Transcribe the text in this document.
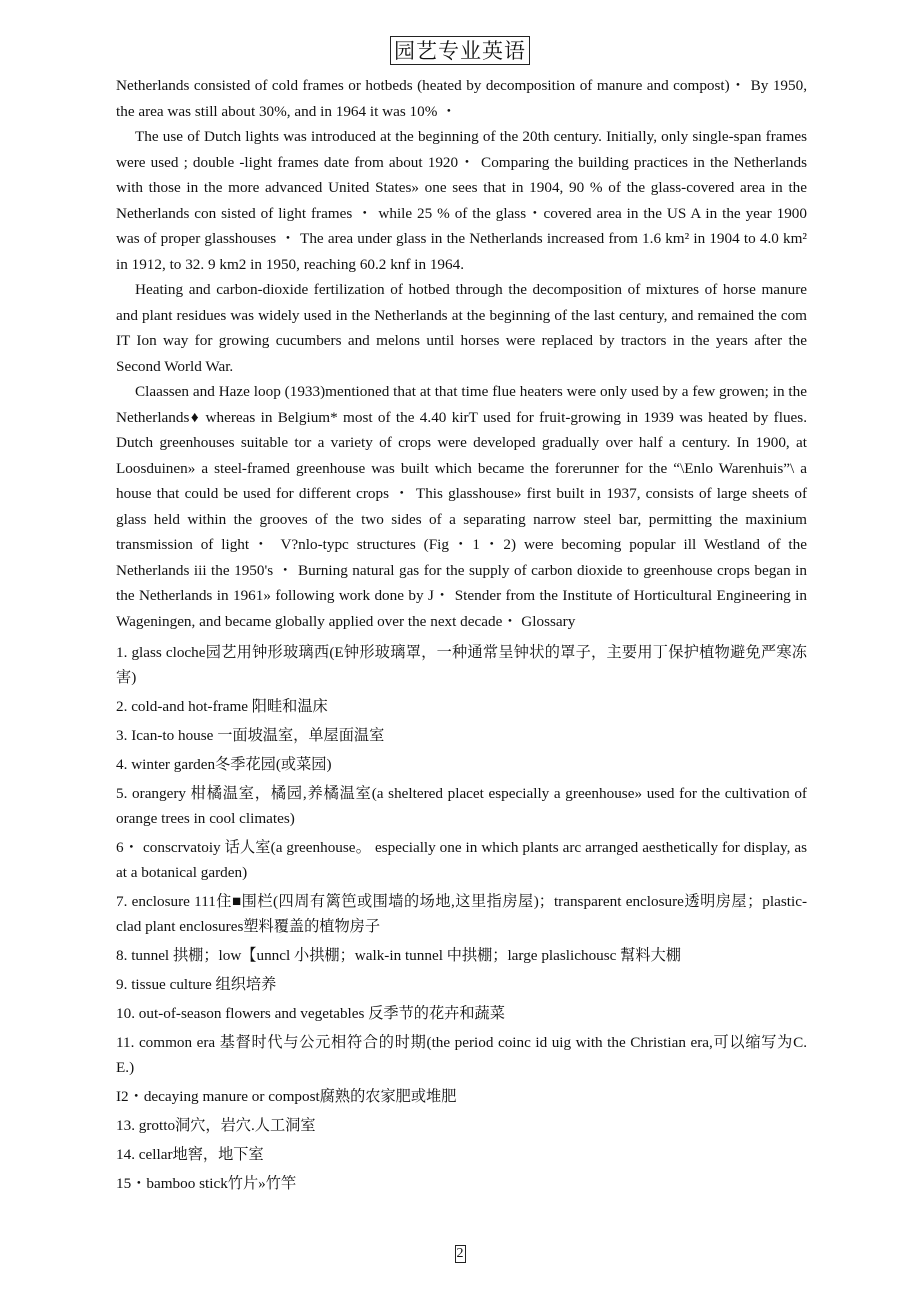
园艺专业英语

Netherlands consisted of cold frames or hotbeds (heated by decomposition of manure and compost)・ By 1950, the area was still about 30%, and in 1964 it was 10% ・

The use of Dutch lights was introduced at the beginning of the 20th century. Initially, only single-span frames were used ; double -light frames date from about 1920・ Comparing the building practices in the Netherlands with those in the more advanced United States» one sees that in 1904, 90 % of the glass-covered area in the Netherlands con sisted of light frames ・ while 25 % of the glass・covered area in the US A in the year 1900 was of proper glasshouses ・ The area under glass in the Netherlands increased from 1.6 km² in 1904 to 4.0 km² in 1912, to 32. 9 km2 in 1950, reaching 60.2 knf in 1964.

Heating and carbon-dioxide fertilization of hotbed through the decomposition of mixtures of horse manure and plant residues was widely used in the Netherlands at the beginning of the last century, and remained the com IT Ion way for growing cucumbers and melons until horses were replaced by tractors in the years after the Second World War.

Claassen and Haze loop (1933)mentioned that at that time flue heaters were only used by a few growen; in the Netherlands♦ whereas in Belgium* most of the 4.40 kirT used for fruit-growing in 1939 was heated by flues. Dutch greenhouses suitable tor a variety of crops were developed gradually over half a century. In 1900, at Loosduinen» a steel-framed greenhouse was built which became the forerunner for the “\Enlo Warenhuis”\ a house that could be used for different crops ・ This glasshouse» first built in 1937, consists of large sheets of glass held within the grooves of the two sides of a separating narrow steel bar, permitting the maxinium transmission of light・ V?nlo-typc structures (Fig・1・2) were becoming popular ill Westland of the Netherlands iii the 1950's ・ Burning natural gas for the supply of carbon dioxide to greenhouse crops began in the Netherlands in 1961» following work done by J・ Stender from the Institute of Horticultural Engineering in Wageningen, and became globally applied over the next decade・ Glossary

1. glass cloche园艺用钟形玻璃西(E钟形玻璃罩，一种通常呈钟状的罩子，主要用丁保护植物避免严寒冻害)

2. cold-and hot-frame 阳畦和温床

3. Ican-to house 一面坡温室，单屋面温室

4. winter garden冬季花园(或菜园)

5. orangery 柑橘温室，橘园,养橘温室(a sheltered placet especially a greenhouse» used for the cultivation of orange trees in cool climates)

6・ conscrvatoiy 话人室(a greenhouse。 especially one in which plants arc arranged aesthetically for display, as at a botanical garden)

7. enclosure 111住■围栏(四周有篱笆或围墙的场地,这里指房屋)；transparent enclosure透明房屋；plastic-clad plant enclosures塑料覆盖的植物房子

8. tunnel 拱棚；low【unncl 小拱棚；walk-in tunnel 中拱棚；large plaslichousc 幫料大棚

9. tissue culture 组织培养

10. out-of-season flowers and vegetables 反季节的花卉和蔬菜

11. common era 基督时代与公元相符合的时期(the period coinc id uig with the Christian era,可以缩写为C. E.)

I2・decaying manure or compost腐熟的农家肥或堆肥

13. grotto洞穴，岩穴.人工洞室

14. cellar地窖，地下室

15・bamboo stick竹片»竹竿

2
